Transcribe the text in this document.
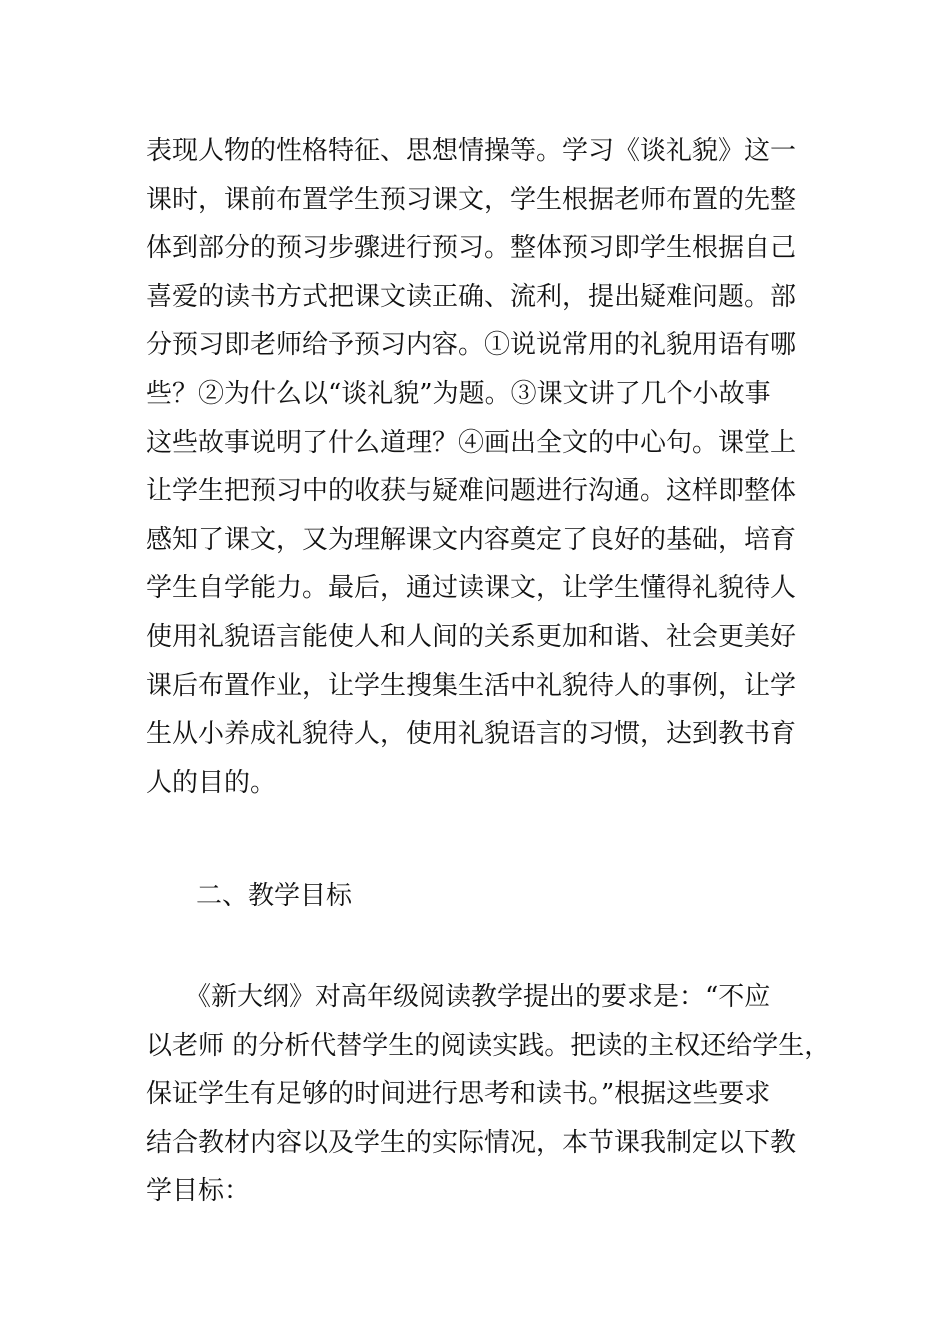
表现人物的性格特征、思想情操等。学习《谈礼貌》这一
课时，课前布置学生预习课文，学生根据老师布置的先整
体到部分的预习步骤进行预习。整体预习即学生根据自己
喜爱的读书方式把课文读正确、流利，提出疑难问题。部
分预习即老师给予预习内容。①说说常用的礼貌用语有哪
些？②为什么以“谈礼貌”为题。③课文讲了几个小故事
这些故事说明了什么道理？④画出全文的中心句。课堂上
让学生把预习中的收获与疑难问题进行沟通。这样即整体
感知了课文，又为理解课文内容奠定了良好的基础，培育
学生自学能力。最后，通过读课文，让学生懂得礼貌待人
使用礼貌语言能使人和人间的关系更加和谐、社会更美好
课后布置作业，让学生搜集生活中礼貌待人的事例，让学
生从小养成礼貌待人，使用礼貌语言的习惯，达到教书育
人的目的。
二、教学目标
　　《新大纲》对高年级阅读教学提出的要求是：“不应
以老师 的分析代替学生的阅读实践。把读的主权还给学生，
保证学生有足够的时间进行思考和读书。”根据这些要求
结合教材内容以及学生的实际情况，本节课我制定以下教
学目标：
